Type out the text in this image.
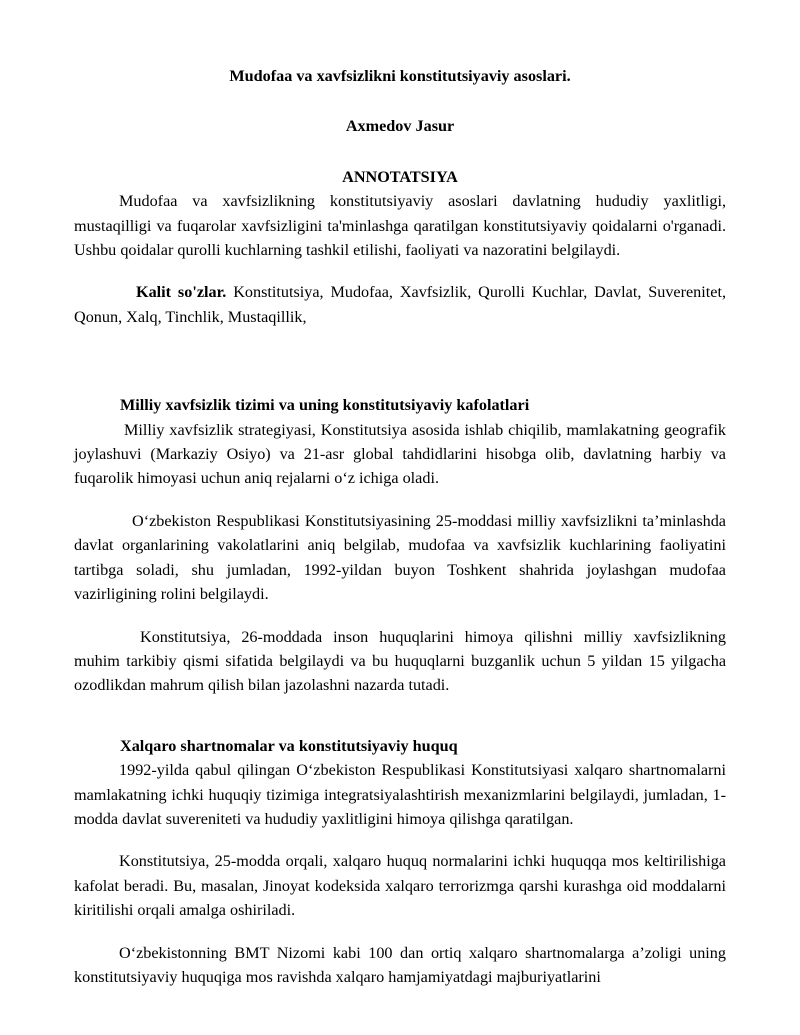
Mudofaa va xavfsizlikni konstitutsiyaviy asoslari.

Axmedov Jasur

ANNOTATSIYA

Mudofaa va xavfsizlikning konstitutsiyaviy asoslari davlatning hududiy yaxlitligi, mustaqilligi va fuqarolar xavfsizligini ta'minlashga qaratilgan konstitutsiyaviy qoidalarni o'rganadi. Ushbu qoidalar qurolli kuchlarning tashkil etilishi, faoliyati va nazoratini belgilaydi.

Kalit so'zlar. Konstitutsiya, Mudofaa, Xavfsizlik, Qurolli Kuchlar, Davlat, Suverenitet, Qonun, Xalq, Tinchlik, Mustaqillik,

Milliy xavfsizlik tizimi va uning konstitutsiyaviy kafolatlari

Milliy xavfsizlik strategiyasi, Konstitutsiya asosida ishlab chiqilib, mamlakatning geografik joylashuvi (Markaziy Osiyo) va 21-asr global tahdidlarini hisobga olib, davlatning harbiy va fuqarolik himoyasi uchun aniq rejalarni o‘z ichiga oladi.

O‘zbekiston Respublikasi Konstitutsiyasining 25-moddasi milliy xavfsizlikni ta’minlashda davlat organlarining vakolatlarini aniq belgilab, mudofaa va xavfsizlik kuchlarining faoliyatini tartibga soladi, shu jumladan, 1992-yildan buyon Toshkent shahrida joylashgan mudofaa vazirligining rolini belgilaydi.

Konstitutsiya, 26-moddada inson huquqlarini himoya qilishni milliy xavfsizlikning muhim tarkibiy qismi sifatida belgilaydi va bu huquqlarni buzganlik uchun 5 yildan 15 yilgacha ozodlikdan mahrum qilish bilan jazolashni nazarda tutadi.

Xalqaro shartnomalar va konstitutsiyaviy huquq

1992-yilda qabul qilingan O‘zbekiston Respublikasi Konstitutsiyasi xalqaro shartnomalarni mamlakatning ichki huquqiy tizimiga integratsiyalashtirish mexanizmlarini belgilaydi, jumladan, 1-modda davlat suvereniteti va hududiy yaxlitligini himoya qilishga qaratilgan.

Konstitutsiya, 25-modda orqali, xalqaro huquq normalarini ichki huquqqa mos keltirilishiga kafolat beradi. Bu, masalan, Jinoyat kodeksida xalqaro terrorizmga qarshi kurashga oid moddalarni kiritilishi orqali amalga oshiriladi.

O‘zbekistonning BMT Nizomi kabi 100 dan ortiq xalqaro shartnomalarga a’zoligi uning konstitutsiyaviy huquqiga mos ravishda xalqaro hamjamiyatdagi majburiyatlarini
